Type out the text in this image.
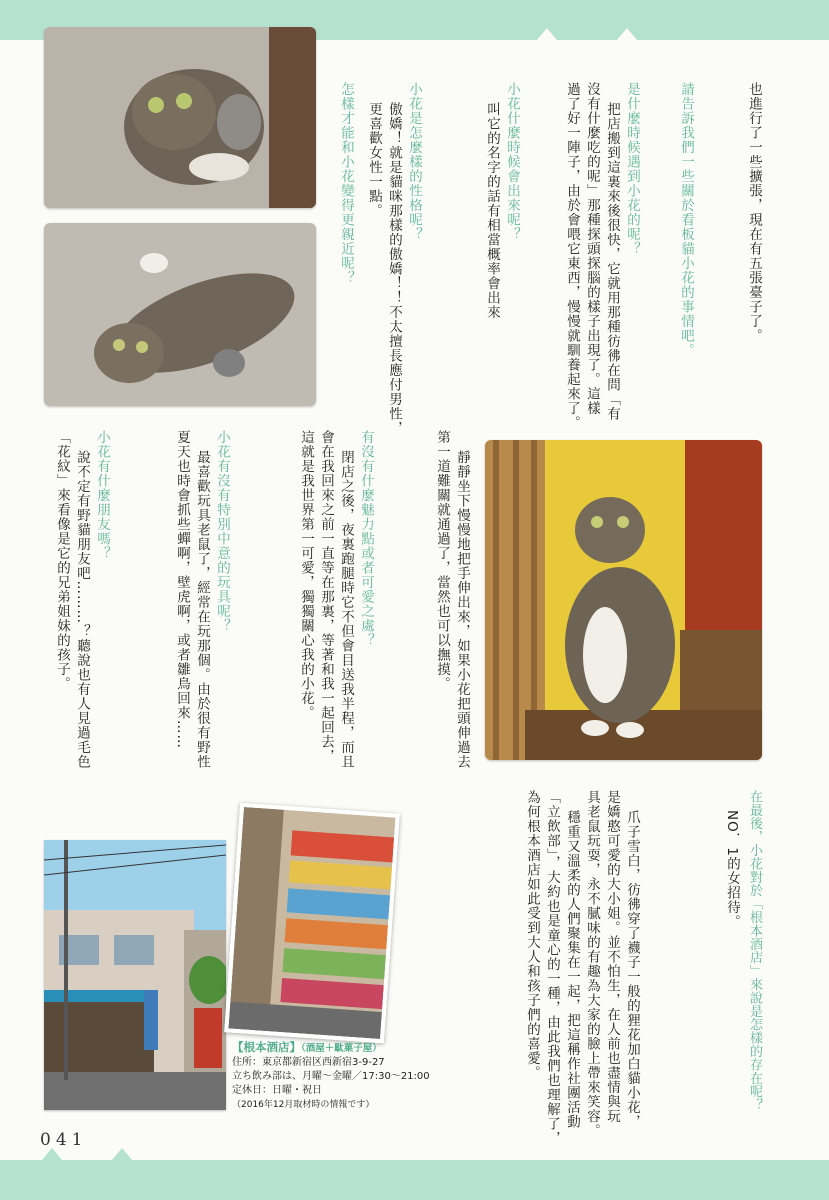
也進行了一些擴張，現在有五張臺子了。
請告訴我們一些關於看板貓小花的事情吧。
是什麼時候遇到小花的呢？
把店搬到這裏來後很快，它就用那種彷彿在問「有
沒有什麼吃的呢」那種探頭探腦的樣子出現了。這樣
過了好一陣子，由於會喂它東西，慢慢就馴養起來了。
小花什麼時候會出來呢？
叫它的名字的話有相當概率會出來
小花是怎麼樣的性格呢？
傲嬌！就是貓咪那樣的傲嬌！！不太擅長應付男性，
更喜歡女性一點。
怎樣才能和小花變得更親近呢？
靜靜坐下慢慢地把手伸出來，如果小花把頭伸過去
第一道難關就通過了，當然也可以撫摸。
有沒有什麼魅力點或者可愛之處？
閉店之後，夜裏跑腿時它不但會目送我半程，而且
會在我回來之前一直等在那裏，等著和我一起回去，
這就是我世界第一可愛，獨獨關心我的小花。
小花有沒有特別中意的玩具呢？
最喜歡玩具老鼠了，經常在玩那個。由於很有野性
夏天也時會抓些蟬啊，壁虎啊，或者雛鳥回來……
小花有什麼朋友嗎？
說不定有野貓朋友吧………？聽說也有人見過毛色
「花紋」來看像是它的兄弟姐妹的孩子。
在最後，小花對於「根本酒店」來說是怎樣的存在呢？
NO．1的女招待。
爪子雪白，彷彿穿了襪子一般的狸花加白貓小花，
是嬌憨可愛的大小姐。並不怕生，在人前也盡情與玩
具老鼠玩耍，永不膩味的有趣為大家的臉上帶來笑容。
穩重又溫柔的人們聚集在一起，把這稱作社團活動
「立飲部」，大約也是童心的一種，由此我們也理解了，
為何根本酒店如此受到大人和孩子們的喜愛。
【根本酒店】（酒屋＋駄菓子屋）
住所：東京都新宿区西新宿3-9-27
立ち飲み部は、月曜～金曜／17:30～21:00
定休日：日曜・祝日
（2016年12月取材時の情報です）
041
